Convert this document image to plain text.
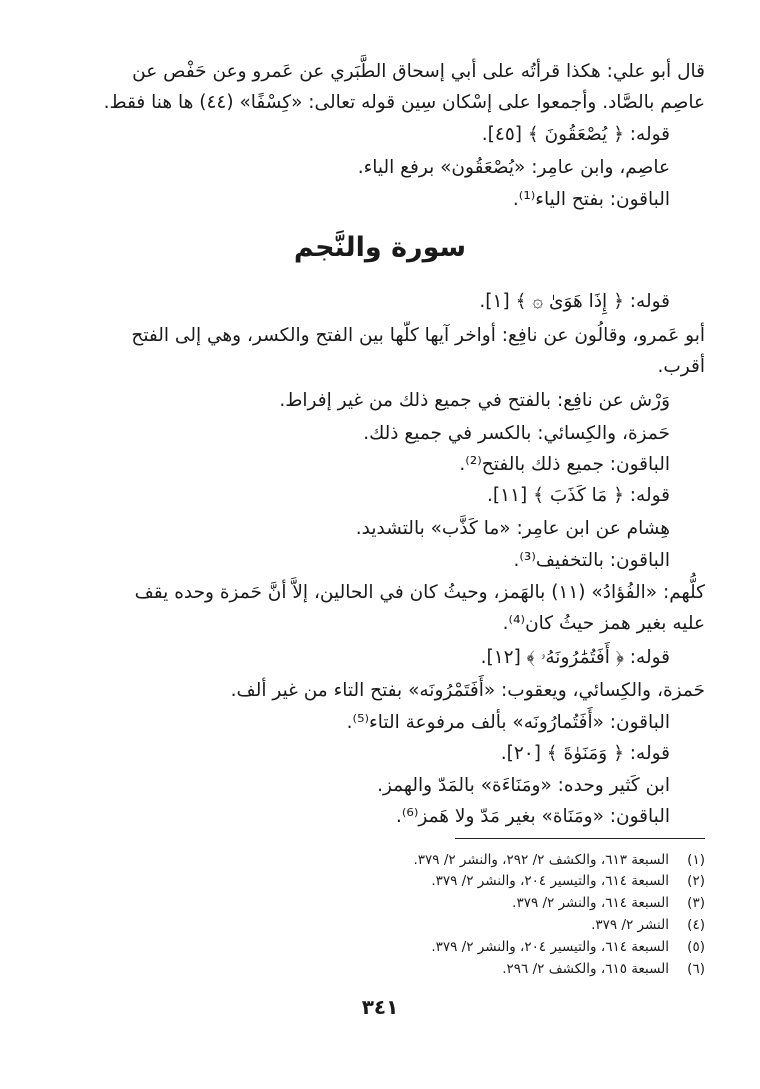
قال أبو علي: هكذا قرأتُه على أبي إسحاق الطَّبَري عن عَمرو وعن حَفْص عن
عاصِم بالصَّاد. وأجمعوا على إسْكان سِين قوله تعالى: «كِسْفًا» (٤٤) ها هنا فقط.
قوله: ﴿ يُصْعَقُونَ ﴾ [٤٥].
عاصِم، وابن عامِر: «يُصْعَقُون» برفع الياء.
الباقون: بفتح الياء⁽¹⁾.
سورة والنَّجم
قوله: ﴿ إِذَا هَوَىٰ ۞ ﴾ [١].
أبو عَمرو، وقالُون عن نافِع: أواخر آيها كلّها بين الفتح والكسر، وهي إلى الفتح
أقرب.
وَرْش عن نافِع: بالفتح في جميع ذلك من غير إفراط.
حَمزة، والكِسائي: بالكسر في جميع ذلك.
الباقون: جميع ذلك بالفتح⁽²⁾.
قوله: ﴿ مَا كَذَبَ ﴾ [١١].
هِشام عن ابن عامِر: «ما كَذَّب» بالتشديد.
الباقون: بالتخفيف⁽³⁾.
كلُّهم: «الفُؤادُ» (١١) بالهَمز، وحيثُ كان في الحالين، إلاَّ أنَّ حَمزة وحده يقف
عليه بغير همز حيثُ كان⁽⁴⁾.
قوله: ﴿ أَفَتُمَٰرُونَهُۥ ﴾ [١٢].
حَمزة، والكِسائي، ويعقوب: «أَفَتَمْرُونَه» بفتح التاء من غير ألف.
الباقون: «أَفَتُمارُونَه» بألف مرفوعة التاء⁽⁵⁾.
قوله: ﴿ وَمَنَوٰةَ ﴾ [٢٠].
ابن كَثير وحده: «ومَنَاءَة» بالمَدّ والهمز.
الباقون: «ومَنَاة» بغير مَدّ ولا هَمز⁽⁶⁾.
(١)السبعة ٦١٣، والكشف ٢/ ٢٩٢، والنشر ٢/ ٣٧٩.
(٢)السبعة ٦١٤، والتيسير ٢٠٤، والنشر ٢/ ٣٧٩.
(٣)السبعة ٦١٤، والنشر ٢/ ٣٧٩.
(٤)النشر ٢/ ٣٧٩.
(٥)السبعة ٦١٤، والتيسير ٢٠٤، والنشر ٢/ ٣٧٩.
(٦)السبعة ٦١٥، والكشف ٢/ ٢٩٦.
٣٤١
